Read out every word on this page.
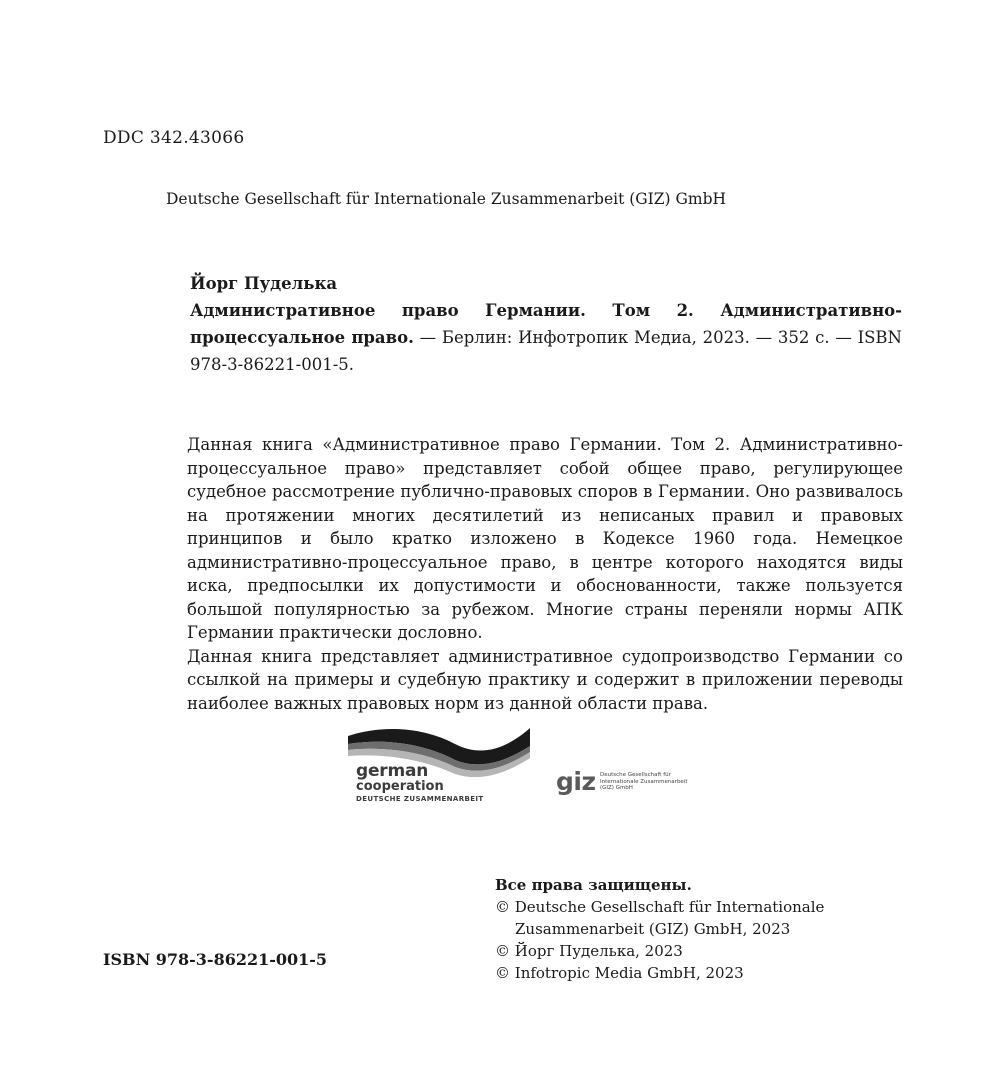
DDC 342.43066
Deutsche Gesellschaft für Internationale Zusammenarbeit (GIZ) GmbH

Йорг Пуделька

Административное право Германии. Том 2. Административно-процессуальное право. — Берлин: Инфотропик Медиа, 2023. — 352 с. — ISBN 978-3-86221-001-5.

Данная книга «Административное право Германии. Том 2. Административно-процессуальное право» представляет собой общее право, регулирующее судебное рассмотрение публично-правовых споров в Германии. Оно развивалось на протяжении многих десятилетий из неписаных правил и правовых принципов и было кратко изложено в Кодексе 1960 года. Немецкое административно-процессуальное право, в центре которого находятся виды иска, предпосылки их допустимости и обоснованности, также пользуется большой популярностью за рубежом. Многие страны переняли нормы АПК Германии практически дословно.

Данная книга представляет административное судопроизводство Германии со ссылкой на примеры и судебную практику и содержит в приложении переводы наиболее важных правовых норм из данной области права.

german
cooperation
DEUTSCHE ZUSAMMENARBEIT
giz Deutsche Gesellschaft für Internationale Zusammenarbeit (GIZ) GmbH
Все права защищены.
© Deutsche Gesellschaft für Internationale
Zusammenarbeit (GIZ) GmbH, 2023
© Йорг Пуделька, 2023
© Infotropic Media GmbH, 2023
ISBN 978-3-86221-001-5
